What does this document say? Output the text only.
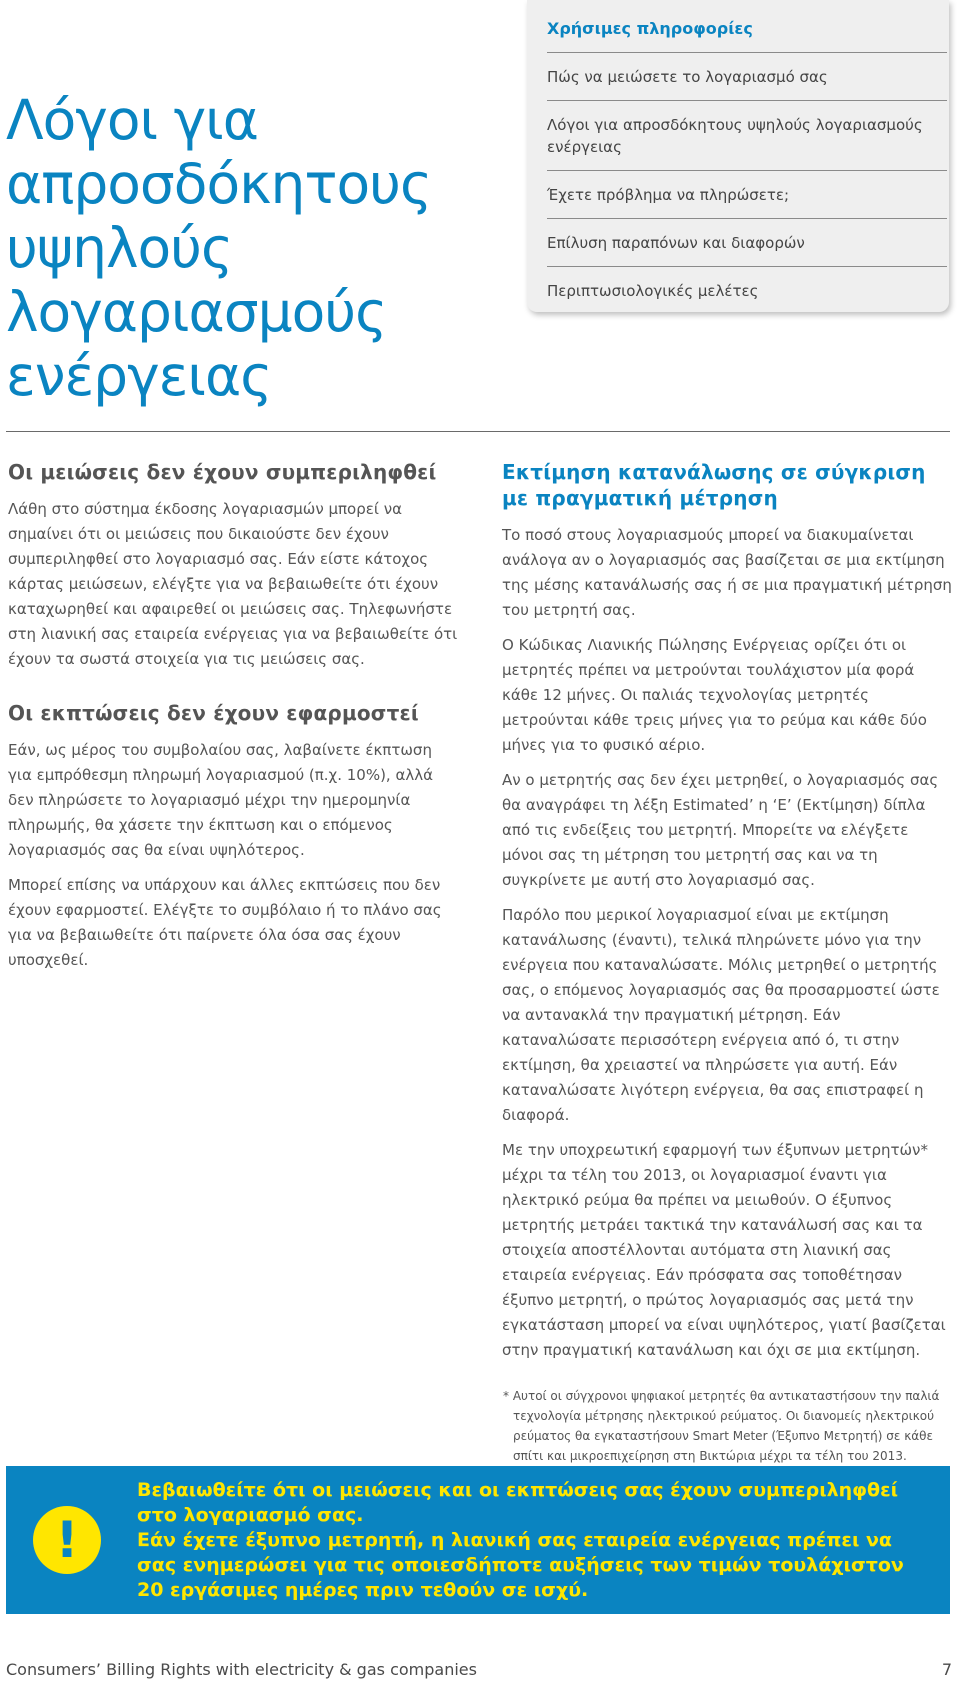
Λόγοι για
απροσδόκητους
υψηλούς
λογαριασμούς
ενέργειας
Χρήσιμες πληροφορίες
Πώς να μειώσετε το λογαριασμό σας
Λόγοι για απροσδόκητους υψηλούς λογαριασμούς ενέργειας
Έχετε πρόβλημα να πληρώσετε;
Επίλυση παραπόνων και διαφορών
Περιπτωσιολογικές μελέτες
Οι μειώσεις δεν έχουν συμπεριληφθεί

Λάθη στο σύστημα έκδοσης λογαριασμών μπορεί να σημαίνει ότι οι μειώσεις που δικαιούστε δεν έχουν συμπεριληφθεί στο λογαριασμό σας. Εάν είστε κάτοχος κάρτας μειώσεων, ελέγξτε για να βεβαιωθείτε ότι έχουν καταχωρηθεί και αφαιρεθεί οι μειώσεις σας. Τηλεφωνήστε στη λιανική σας εταιρεία ενέργειας για να βεβαιωθείτε ότι έχουν τα σωστά στοιχεία για τις μειώσεις σας.

Οι εκπτώσεις δεν έχουν εφαρμοστεί

Εάν, ως μέρος του συμβολαίου σας, λαβαίνετε έκπτωση για εμπρόθεσμη πληρωμή λογαριασμού (π.χ. 10%), αλλά δεν πληρώσετε το λογαριασμό μέχρι την ημερομηνία πληρωμής, θα χάσετε την έκπτωση και ο επόμενος λογαριασμός σας θα είναι υψηλότερος.

Μπορεί επίσης να υπάρχουν και άλλες εκπτώσεις που δεν έχουν εφαρμοστεί. Ελέγξτε το συμβόλαιο ή το πλάνο σας για να βεβαιωθείτε ότι παίρνετε όλα όσα σας έχουν υποσχεθεί.

Εκτίμηση κατανάλωσης σε σύγκριση με πραγματική μέτρηση

Το ποσό στους λογαριασμούς μπορεί να διακυμαίνεται ανάλογα αν ο λογαριασμός σας βασίζεται σε μια εκτίμηση της μέσης κατανάλωσής σας ή σε μια πραγματική μέτρηση του μετρητή σας.

Ο Κώδικας Λιανικής Πώλησης Ενέργειας ορίζει ότι οι μετρητές πρέπει να μετρούνται τουλάχιστον μία φορά κάθε 12 μήνες. Οι παλιάς τεχνολογίας μετρητές μετρούνται κάθε τρεις μήνες για το ρεύμα και κάθε δύο μήνες για το φυσικό αέριο.

Αν ο μετρητής σας δεν έχει μετρηθεί, ο λογαριασμός σας θα αναγράφει τη λέξη Estimated’ η ‘E’ (Εκτίμηση) δίπλα από τις ενδείξεις του μετρητή. Μπορείτε να ελέγξετε μόνοι σας τη μέτρηση του μετρητή σας και να τη συγκρίνετε με αυτή στο λογαριασμό σας.

Παρόλο που μερικοί λογαριασμοί είναι με εκτίμηση κατανάλωσης (έναντι), τελικά πληρώνετε μόνο για την ενέργεια που καταναλώσατε. Μόλις μετρηθεί ο μετρητής σας, ο επόμενος λογαριασμός σας θα προσαρμοστεί ώστε να αντανακλά την πραγματική μέτρηση. Εάν καταναλώσατε περισσότερη ενέργεια από ό, τι στην εκτίμηση, θα χρειαστεί να πληρώσετε για αυτή. Εάν καταναλώσατε λιγότερη ενέργεια, θα σας επιστραφεί η διαφορά.

Με την υποχρεωτική εφαρμογή των έξυπνων μετρητών* μέχρι τα τέλη του 2013, οι λογαριασμοί έναντι για ηλεκτρικό ρεύμα θα πρέπει να μειωθούν. Ο έξυπνος μετρητής μετράει τακτικά την κατανάλωσή σας και τα στοιχεία αποστέλλονται αυτόματα στη λιανική σας εταιρεία ενέργειας. Εάν πρόσφατα σας τοποθέτησαν έξυπνο μετρητή, ο πρώτος λογαριασμός σας μετά την εγκατάσταση μπορεί να είναι υψηλότερος, γιατί βασίζεται στην πραγματική κατανάλωση και όχι σε μια εκτίμηση.

* Αυτοί οι σύγχρονοι ψηφιακοί μετρητές θα αντικαταστήσουν την παλιά τεχνολογία μέτρησης ηλεκτρικού ρεύματος. Οι διανομείς ηλεκτρικού ρεύματος θα εγκαταστήσουν Smart Meter (Έξυπνο Μετρητή) σε κάθε σπίτι και μικροεπιχείρηση στη Βικτώρια μέχρι τα τέλη του 2013.

!

Βεβαιωθείτε ότι οι μειώσεις και οι εκπτώσεις σας έχουν συμπεριληφθεί στο λογαριασμό σας.

Εάν έχετε έξυπνο μετρητή, η λιανική σας εταιρεία ενέργειας πρέπει να σας ενημερώσει για τις οποιεσδήποτε αυξήσεις των τιμών τουλάχιστον 20 εργάσιμες ημέρες πριν τεθούν σε ισχύ.

Consumers’ Billing Rights with electricity & gas companies	7
